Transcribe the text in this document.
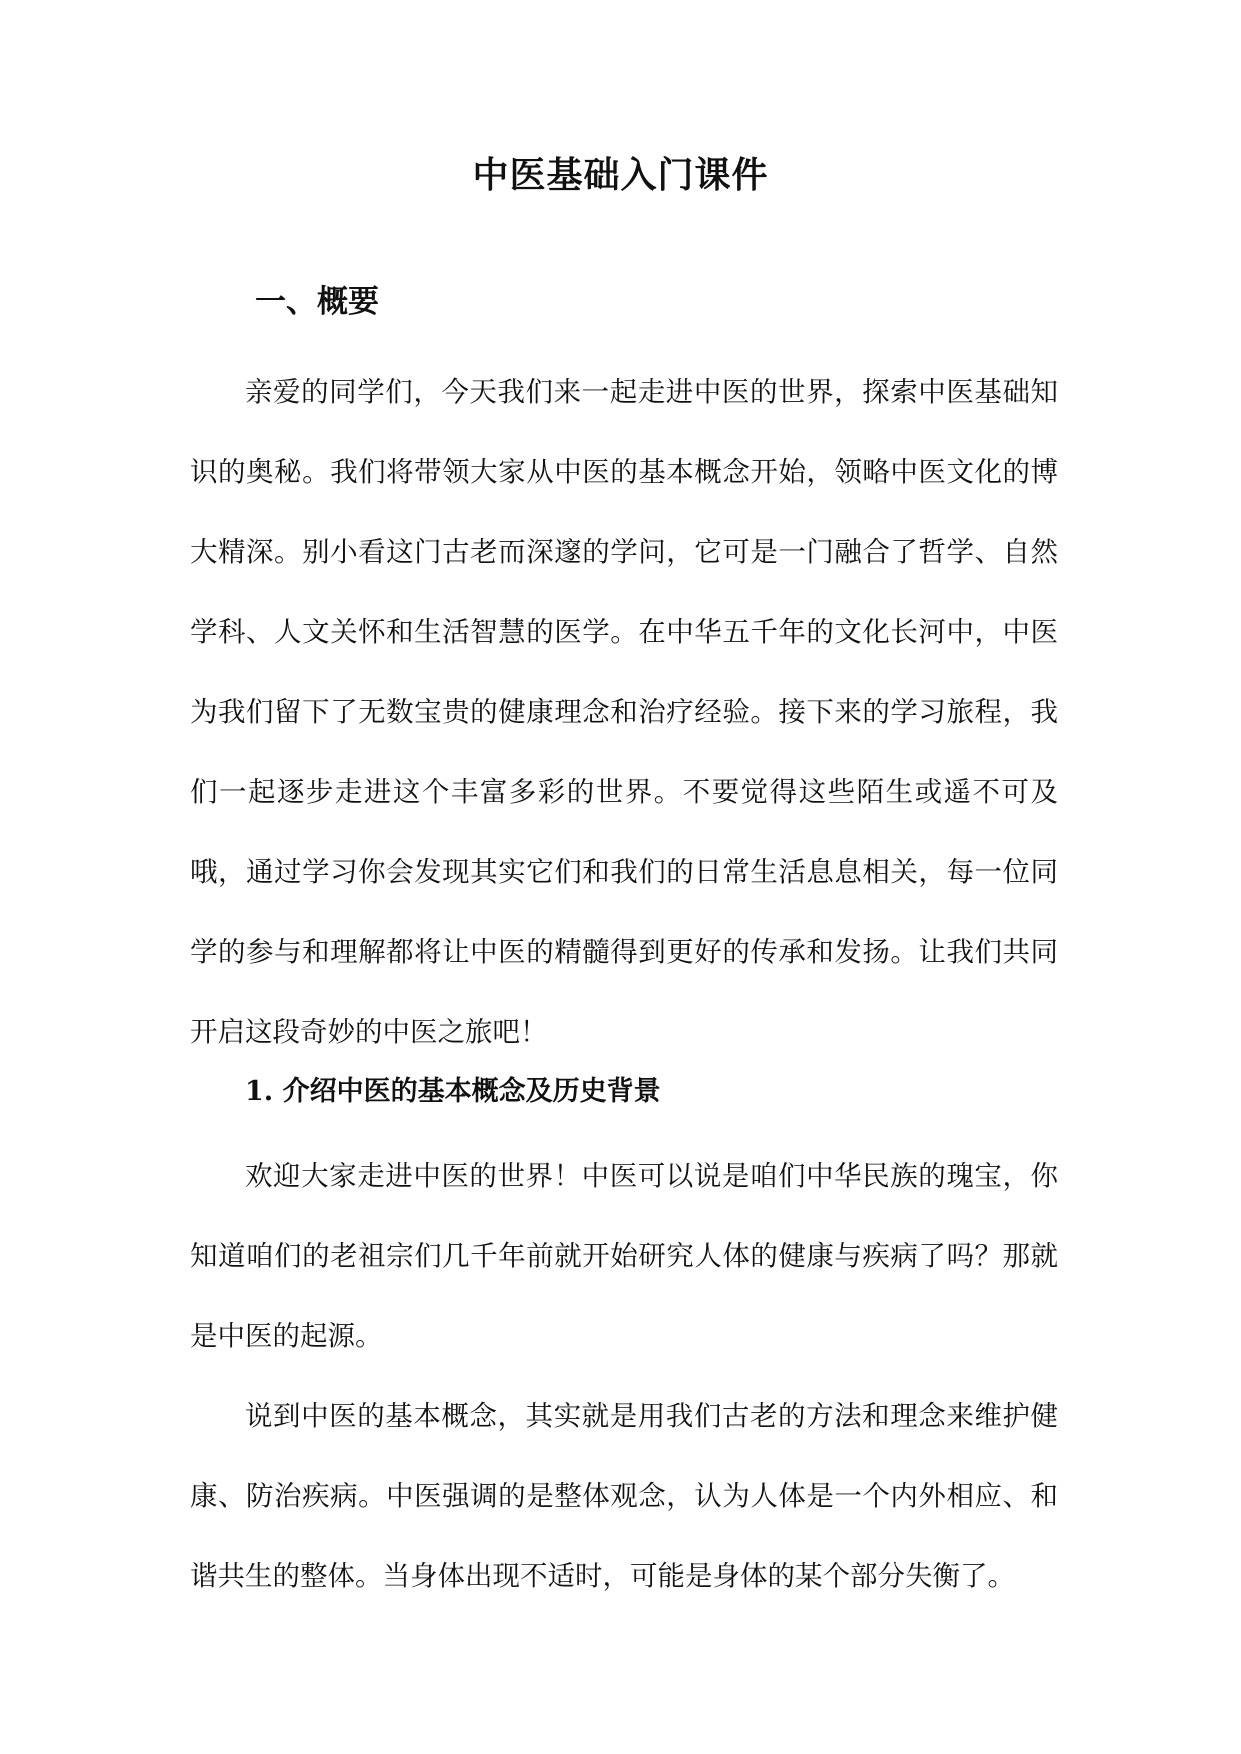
中医基础入门课件
一、概要
亲爱的同学们，今天我们来一起走进中医的世界，探索中医基础知识的奥秘。我们将带领大家从中医的基本概念开始，领略中医文化的博大精深。别小看这门古老而深邃的学问，它可是一门融合了哲学、自然学科、人文关怀和生活智慧的医学。在中华五千年的文化长河中，中医为我们留下了无数宝贵的健康理念和治疗经验。接下来的学习旅程，我们一起逐步走进这个丰富多彩的世界。不要觉得这些陌生或遥不可及哦，通过学习你会发现其实它们和我们的日常生活息息相关，每一位同学的参与和理解都将让中医的精髓得到更好的传承和发扬。让我们共同开启这段奇妙的中医之旅吧！
1. 介绍中医的基本概念及历史背景
欢迎大家走进中医的世界！中医可以说是咱们中华民族的瑰宝，你知道咱们的老祖宗们几千年前就开始研究人体的健康与疾病了吗？那就是中医的起源。
说到中医的基本概念，其实就是用我们古老的方法和理念来维护健康、防治疾病。中医强调的是整体观念，认为人体是一个内外相应、和谐共生的整体。当身体出现不适时，可能是身体的某个部分失衡了。
